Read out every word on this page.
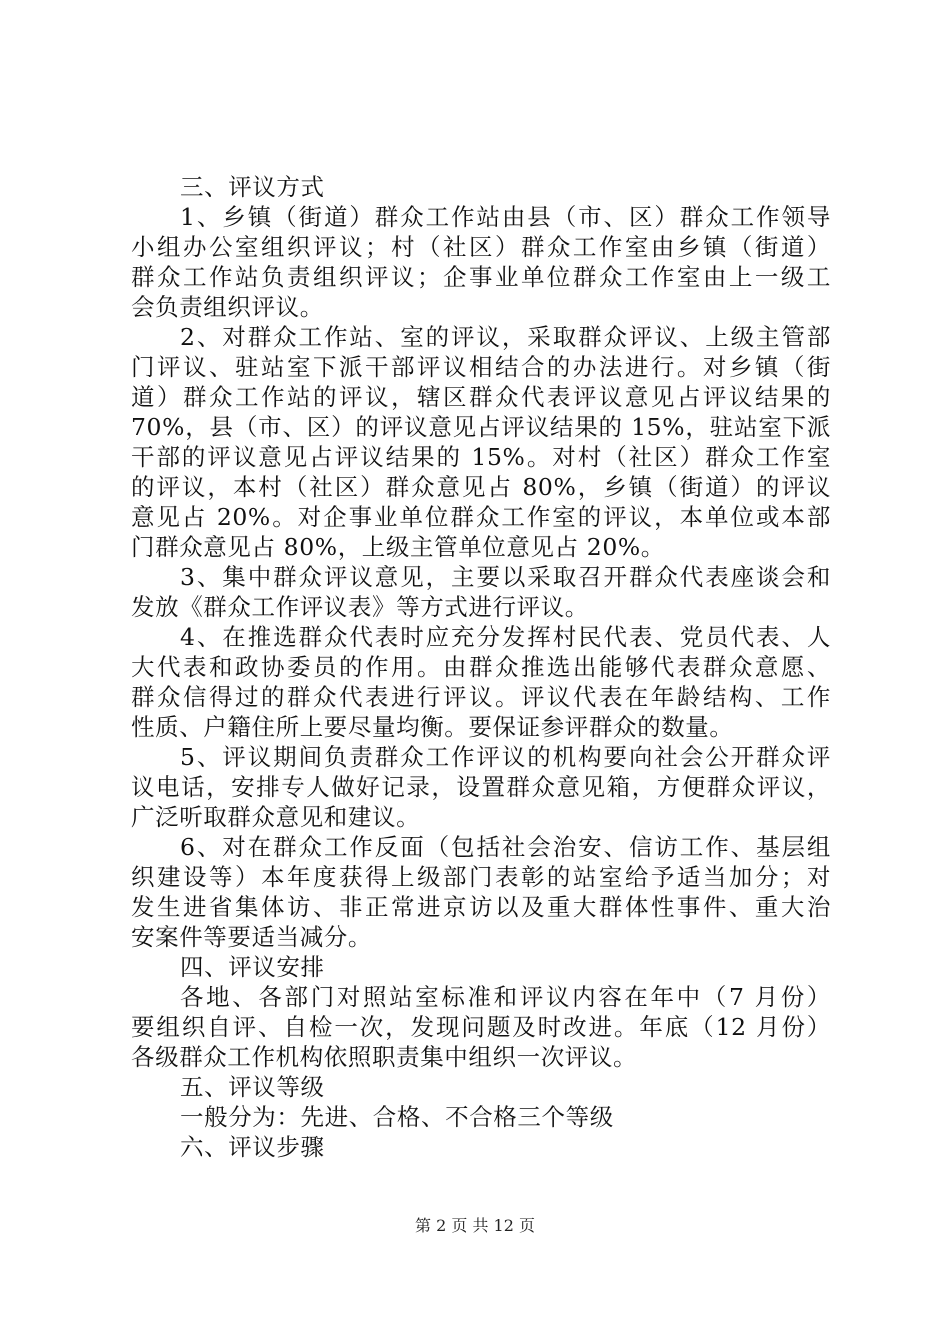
三、评议方式
1、乡镇（街道）群众工作站由县（市、区）群众工作领导
小组办公室组织评议；村（社区）群众工作室由乡镇（街道）
群众工作站负责组织评议；企事业单位群众工作室由上一级工
会负责组织评议。
2、对群众工作站、室的评议，采取群众评议、上级主管部
门评议、驻站室下派干部评议相结合的办法进行。对乡镇（街
道）群众工作站的评议，辖区群众代表评议意见占评议结果的
70%，县（市、区）的评议意见占评议结果的 15%，驻站室下派
干部的评议意见占评议结果的 15%。对村（社区）群众工作室
的评议，本村（社区）群众意见占 80%，乡镇（街道）的评议
意见占 20%。对企事业单位群众工作室的评议，本单位或本部
门群众意见占 80%，上级主管单位意见占 20%。
3、集中群众评议意见，主要以采取召开群众代表座谈会和
发放《群众工作评议表》等方式进行评议。
4、在推选群众代表时应充分发挥村民代表、党员代表、人
大代表和政协委员的作用。由群众推选出能够代表群众意愿、
群众信得过的群众代表进行评议。评议代表在年龄结构、工作
性质、户籍住所上要尽量均衡。要保证参评群众的数量。
5、评议期间负责群众工作评议的机构要向社会公开群众评
议电话，安排专人做好记录，设置群众意见箱，方便群众评议，
广泛听取群众意见和建议。
6、对在群众工作反面（包括社会治安、信访工作、基层组
织建设等）本年度获得上级部门表彰的站室给予适当加分；对
发生进省集体访、非正常进京访以及重大群体性事件、重大治
安案件等要适当减分。
四、评议安排
各地、各部门对照站室标准和评议内容在年中（7 月份）
要组织自评、自检一次，发现问题及时改进。年底（12 月份）
各级群众工作机构依照职责集中组织一次评议。
五、评议等级
一般分为：先进、合格、不合格三个等级
六、评议步骤
第 2 页 共 12 页
